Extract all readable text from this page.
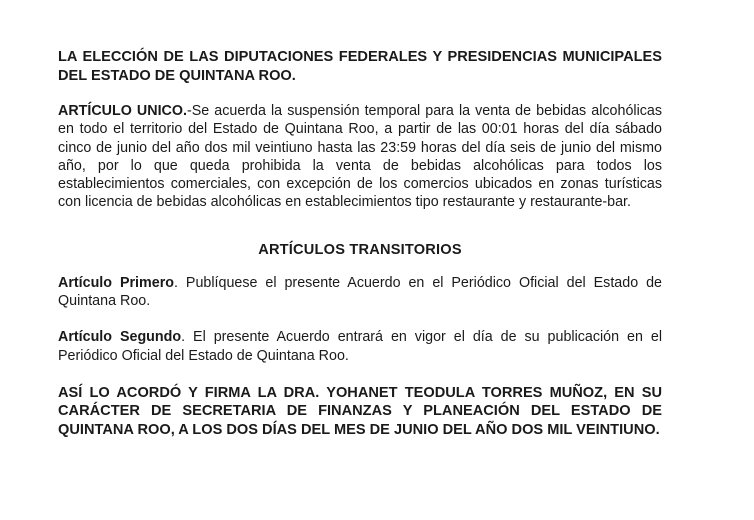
LA ELECCIÓN DE LAS DIPUTACIONES FEDERALES Y PRESIDENCIAS MUNICIPALES DEL ESTADO DE QUINTANA ROO.

ARTÍCULO UNICO.-Se acuerda la suspensión temporal para la venta de bebidas alcohólicas en todo el territorio del Estado de Quintana Roo, a partir de las 00:01 horas del día sábado cinco de junio del año dos mil veintiuno hasta las 23:59 horas del día seis de junio del mismo año, por lo que queda prohibida la venta de bebidas alcohólicas para todos los establecimientos comerciales, con excepción de los comercios ubicados en zonas turísticas con licencia de bebidas alcohólicas en establecimientos tipo restaurante y restaurante-bar.

ARTÍCULOS TRANSITORIOS

Artículo Primero. Publíquese el presente Acuerdo en el Periódico Oficial del Estado de Quintana Roo.

Artículo Segundo. El presente Acuerdo entrará en vigor el día de su publicación en el Periódico Oficial del Estado de Quintana Roo.

ASÍ LO ACORDÓ Y FIRMA LA DRA. YOHANET TEODULA TORRES MUÑOZ, EN SU CARÁCTER DE SECRETARIA DE FINANZAS Y PLANEACIÓN DEL ESTADO DE QUINTANA ROO, A LOS DOS DÍAS DEL MES DE JUNIO DEL AÑO DOS MIL VEINTIUNO.
